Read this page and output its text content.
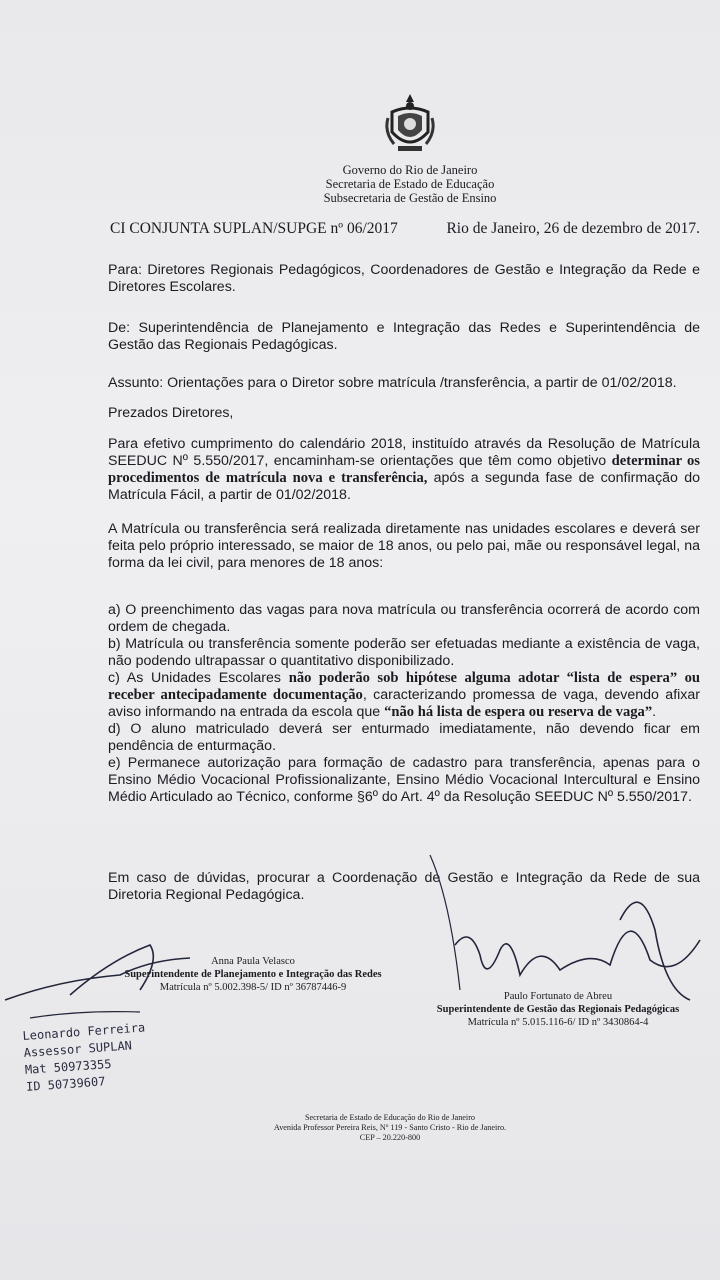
Governo do Rio de Janeiro
Secretaria de Estado de Educação
Subsecretaria de Gestão de Ensino
CI CONJUNTA SUPLAN/SUPGE nº 06/2017	Rio de Janeiro, 26 de dezembro de 2017.

Para: Diretores Regionais Pedagógicos, Coordenadores de Gestão e Integração da Rede e Diretores Escolares.

De: Superintendência de Planejamento e Integração das Redes e Superintendência de Gestão das Regionais Pedagógicas.

Assunto: Orientações para o Diretor sobre matrícula /transferência, a partir de 01/02/2018.

Prezados Diretores,

Para efetivo cumprimento do calendário 2018, instituído através da Resolução de Matrícula SEEDUC Nº 5.550/2017, encaminham-se orientações que têm como objetivo determinar os procedimentos de matrícula nova e transferência, após a segunda fase de confirmação do Matrícula Fácil, a partir de 01/02/2018.

A Matrícula ou transferência será realizada diretamente nas unidades escolares e deverá ser feita pelo próprio interessado, se maior de 18 anos, ou pelo pai, mãe ou responsável legal, na forma da lei civil, para menores de 18 anos:

a) O preenchimento das vagas para nova matrícula ou transferência ocorrerá de acordo com ordem de chegada.

b) Matrícula ou transferência somente poderão ser efetuadas mediante a existência de vaga, não podendo ultrapassar o quantitativo disponibilizado.

c) As Unidades Escolares não poderão sob hipótese alguma adotar “lista de espera” ou receber antecipadamente documentação, caracterizando promessa de vaga, devendo afixar aviso informando na entrada da escola que “não há lista de espera ou reserva de vaga”.

d) O aluno matriculado deverá ser enturmado imediatamente, não devendo ficar em pendência de enturmação.

e) Permanece autorização para formação de cadastro para transferência, apenas para o Ensino Médio Vocacional Profissionalizante, Ensino Médio Vocacional Intercultural e Ensino Médio Articulado ao Técnico, conforme §6º do Art. 4º da Resolução SEEDUC Nº 5.550/2017.

Em caso de dúvidas, procurar a Coordenação de Gestão e Integração da Rede de sua Diretoria Regional Pedagógica.

Anna Paula Velasco
Superintendente de Planejamento e Integração das Redes
Matrícula nº 5.002.398-5/ ID nº 36787446-9
Paulo Fortunato de Abreu
Superintendente de Gestão das Regionais Pedagógicas
Matrícula nº 5.015.116-6/ ID nº 3430864-4
Leonardo Ferreira
Assessor SUPLAN
Mat 50973355
ID 50739607
Secretaria de Estado de Educação do Rio de Janeiro
Avenida Professor Pereira Reis, Nº 119 - Santo Cristo - Rio de Janeiro.
CEP – 20.220-800
